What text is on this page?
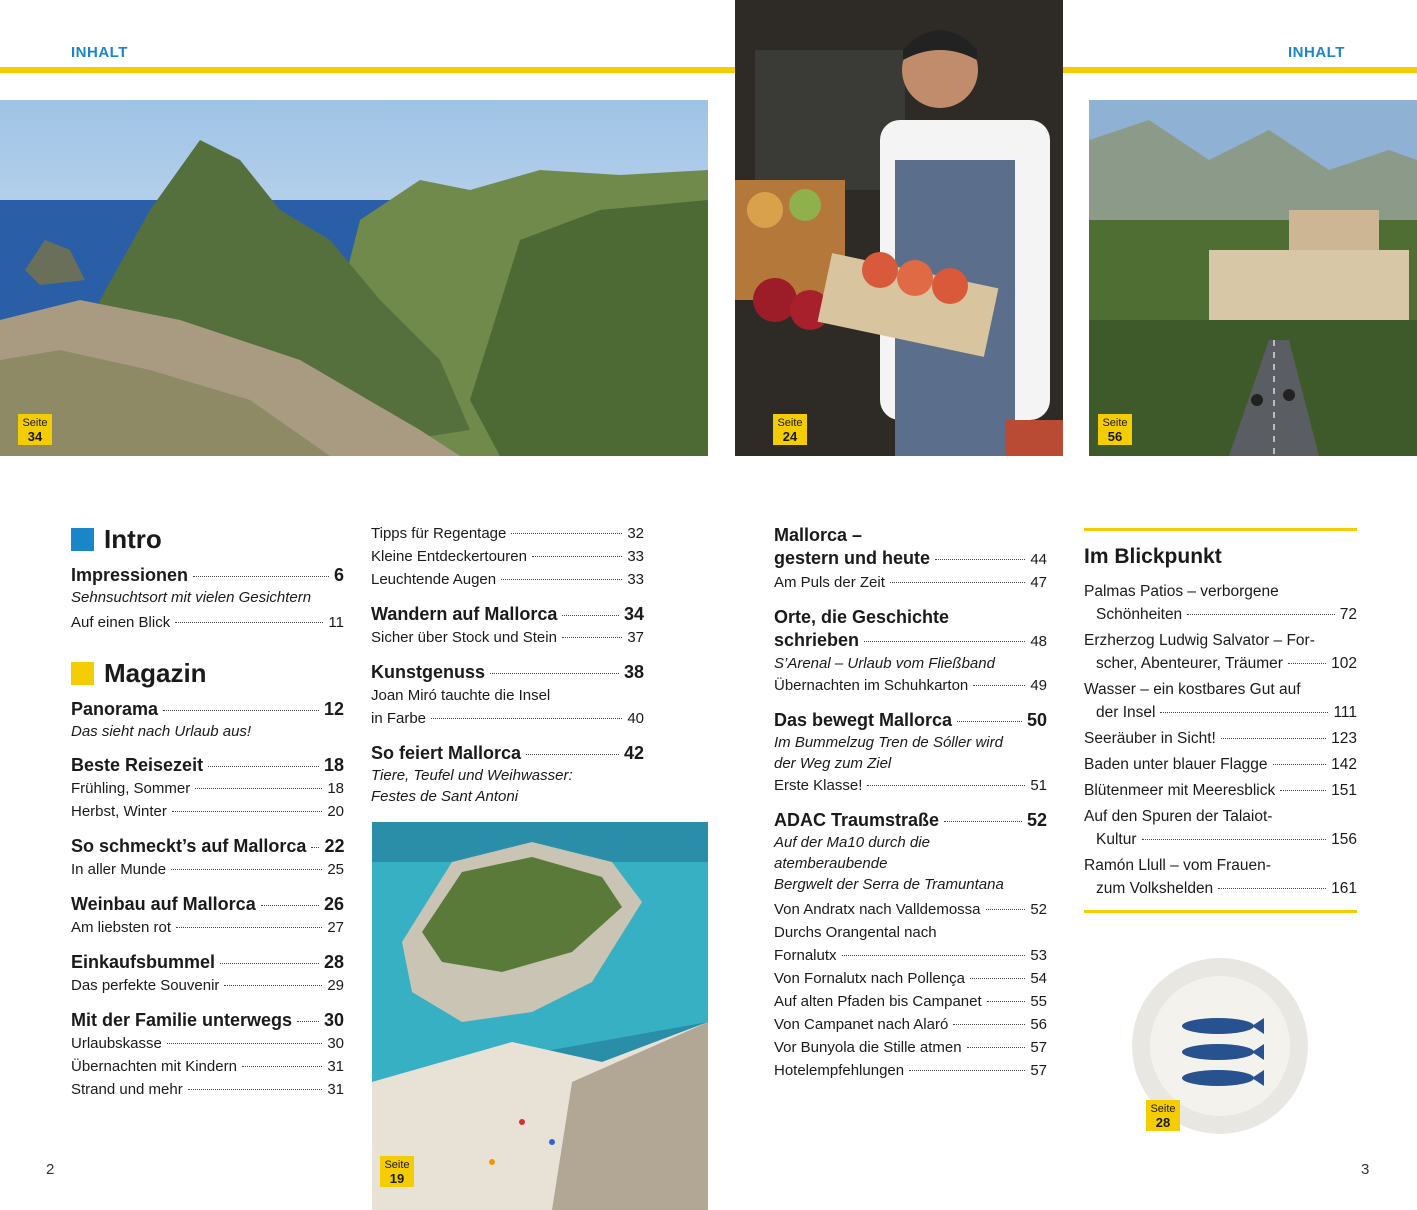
INHALT	INHALT
Seite
34
Seite
24
Seite
56
Seite
19
Seite
28
Intro
Impressionen	6
Sehnsuchtsort mit vielen Gesichtern
Auf einen Blick	11
Magazin
Panorama	12
Das sieht nach Urlaub aus!
Beste Reisezeit	18
Frühling, Sommer	18
Herbst, Winter	20
So schmeckt’s auf Mallorca 22
In aller Munde	25
Weinbau auf Mallorca	26
Am liebsten rot	27
Einkaufsbummel	28
Das perfekte Souvenir	29
Mit der Familie unterwegs 30
Urlaubskasse	30
Übernachten mit Kindern	31
Strand und mehr	31
Tipps für Regentage	32
Kleine Entdeckertouren	33
Leuchtende Augen	33
Wandern auf Mallorca	34
Sicher über Stock und Stein	37
Kunstgenuss	38
Joan Miró tauchte die Insel
in Farbe	40
So feiert Mallorca	42
Tiere, Teufel und Weihwasser:
Festes de Sant Antoni
Mallorca –
gestern und heute	44
Am Puls der Zeit	47
Orte, die Geschichte
schrieben	48
S’Arenal – Urlaub vom Fließband
Übernachten im Schuhkarton	49
Das bewegt Mallorca	50
Im Bummelzug Tren de Sóller wird
der Weg zum Ziel
Erste Klasse!	51
ADAC Traumstraße	52
Auf der Ma10 durch die atemberaubende
Bergwelt der Serra de Tramuntana
Von Andratx nach Valldemossa	52
Durchs Orangental nach
Fornalutx	53
Von Fornalutx nach Pollença	54
Auf alten Pfaden bis Campanet	55
Von Campanet nach Alaró	56
Vor Bunyola die Stille atmen	57
Hotelempfehlungen	57
Im Blickpunkt
Palmas Patios – verborgene
Schönheiten	72
Erzherzog Ludwig Salvator – For-
scher, Abenteurer, Träumer	102
Wasser – ein kostbares Gut auf
der Insel	111
Seeräuber in Sicht!	123
Baden unter blauer Flagge	142
Blütenmeer mit Meeresblick	151
Auf den Spuren der Talaiot-
Kultur	156
Ramón Llull – vom Frauen-
zum Volkshelden	161
2	3
